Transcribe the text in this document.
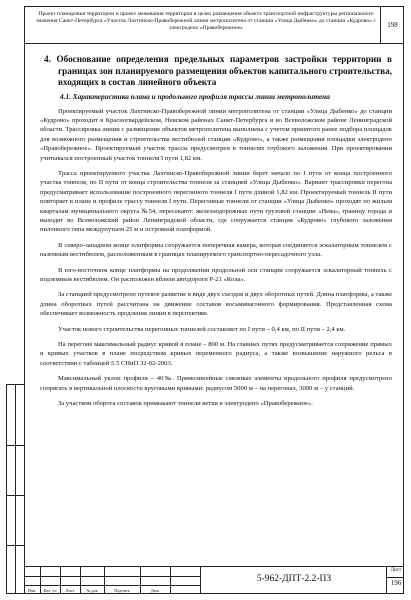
Проект планировки территории и проект межевания территории в целях размещения объекта транспортной инфраструктуры регионального значения Санкт-Петербурга «Участок Лахтинско-Правобережной линии метрополитена от станции «Улица Дыбенко» до станции «Кудрово» с электродепо «Правобережное»	198
4. Обоснование определения предельных параметров застройки территории в границах зон планируемого размещения объектов капитального строительства, входящих в состав линейного объекта
4.1. Характеристика плана и продольного профиля трассы линии метрополитена

Проектируемый участок Лахтинско-Правобережной линии метрополитена от станции «Улица Дыбенко» до станции «Кудрово» проходит в Красногвардейском, Невском районах Санкт-Петербурга и во Всеволожском районе Ленинградской области. Трассировка линии с размещение объектов метрополитена выполнена с учетом принятого ранее подбора площадок для возможного размещения и строительства вестибюлей станции «Кудрово», а также размещения площадки электродепо «Правобережное». Проектируемый участок трассы предусмотрен в тоннелях глубокого заложения. При проектировании учитывался построенный участок тоннеля I пути 1,82 км.

Трасса проектируемого участка Лахтинско-Правобережной линии берет начало по I пути от конца построенного участка тоннеля, по II пути от конца строительства тоннеля за станцией «Улица Дыбенко». Вариант трассировки перегона предусматривает использование построенного перегонного тоннеля I пути длиной 1,82 км. Проектируемый тоннель II пути повторяет в плане и профиле трассу тоннеля I пути. Перегонные тоннели от станции «Улица Дыбенко» проходят по жилым кварталам муниципального округа №54, пересекают: железнодорожные пути грузовой станции «Нева», границу города и выходят во Всеволожский район Ленинградской области, где сооружается станция «Кудрово» глубокого заложения пилонного типа междупутьем 25 м и островной платформой.

В северо-западном конце платформы сооружается поперечная камера, которая соединяется эскалаторным тоннелем с наземным вестибюлем, расположенным в границах планируемого транспортно-пересадочного узла.

В юго-восточном конце платформы на продолжении продольной оси станции сооружается эскалаторный тоннель с подземным вестибюлем. Он расположен вблизи автодороги Р-21 «Кола».

За станцией предусмотрено путевое развитие в виде двух съездов и двух оборотных путей. Длина платформы, а также длина оборотных путей рассчитана на движение составов восьмивагонного формирования. Представленная схема обеспечивает возможность продления линии в перспективе.

Участок нового строительства перегонных тоннелей составляет по I пути – 0,4 км, по II пути – 2,4 км.

На перегоне максимальный радиус кривой в плане – 800 м. На главных путях предусматривается сопряжение прямых и кривых участков в плане посредством кривых переменного радиуса, а также возвышение наружного рельса в соответствии с таблицей 5.5 СНиП 32-02-2003.

Максимальный уклон профиля – 40‰. Прямолинейные смежные элементы продольного профиля предусмотрено сопрягать в вертикальной плоскости круговыми кривыми: радиусом 5000 м – на перегонах, 3000 м – у станций.

За участком оборота составов примыкают тоннели ветки в электродепо «Правобережное».

Изм.	Кол. уч	Лист	№ док	Подпись	Дата
5-962-ДПТ-2.2-ПЗ
Лист
196
